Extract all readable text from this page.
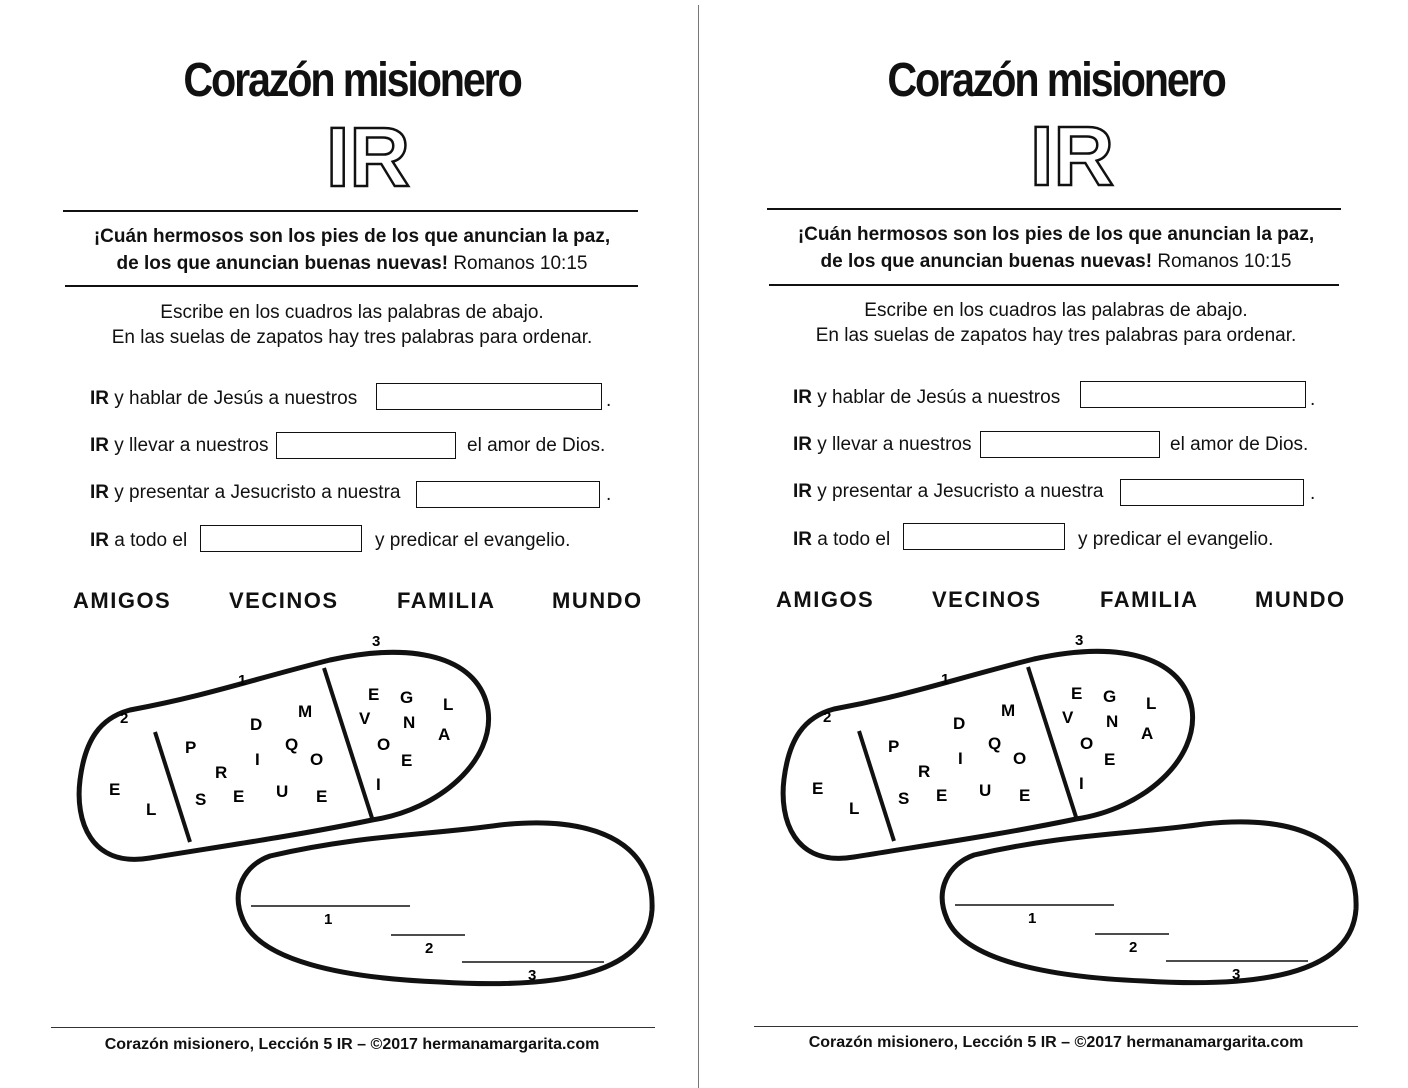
Corazón misionero
IR
¡Cuán hermosos son los pies de los que anuncian la paz,
de los que anuncian buenas nuevas! Romanos 10:15
Escribe en los cuadros las palabras de abajo.
En las suelas de zapatos hay tres palabras para ordenar.
IR y hablar de Jesús a nuestros	.
IR y llevar a nuestros	el amor de Dios.
IR y presentar a Jesucristo a nuestra	.
IR a todo el	y predicar el evangelio.
AMIGOS	VECINOS	FAMILIA	MUNDO
1
2
3
E
L
P
R
S
D
M
Q
I	O
E U E
E G L
V N
A
O
E
I
1
2
3
Corazón misionero, Lección 5 IR – ©2017 hermanamargarita.com
Corazón misionero
IR
¡Cuán hermosos son los pies de los que anuncian la paz,
de los que anuncian buenas nuevas! Romanos 10:15
Escribe en los cuadros las palabras de abajo.
En las suelas de zapatos hay tres palabras para ordenar.
IR y hablar de Jesús a nuestros	.
IR y llevar a nuestros	el amor de Dios.
IR y presentar a Jesucristo a nuestra	.
IR a todo el	y predicar el evangelio.
AMIGOS	VECINOS	FAMILIA	MUNDO
1
2
3
E
L
P
R
S
D
M
Q
I	O
E U E
E G L
V N
A
O
E
I
1
2
3
Corazón misionero, Lección 5 IR – ©2017 hermanamargarita.com
